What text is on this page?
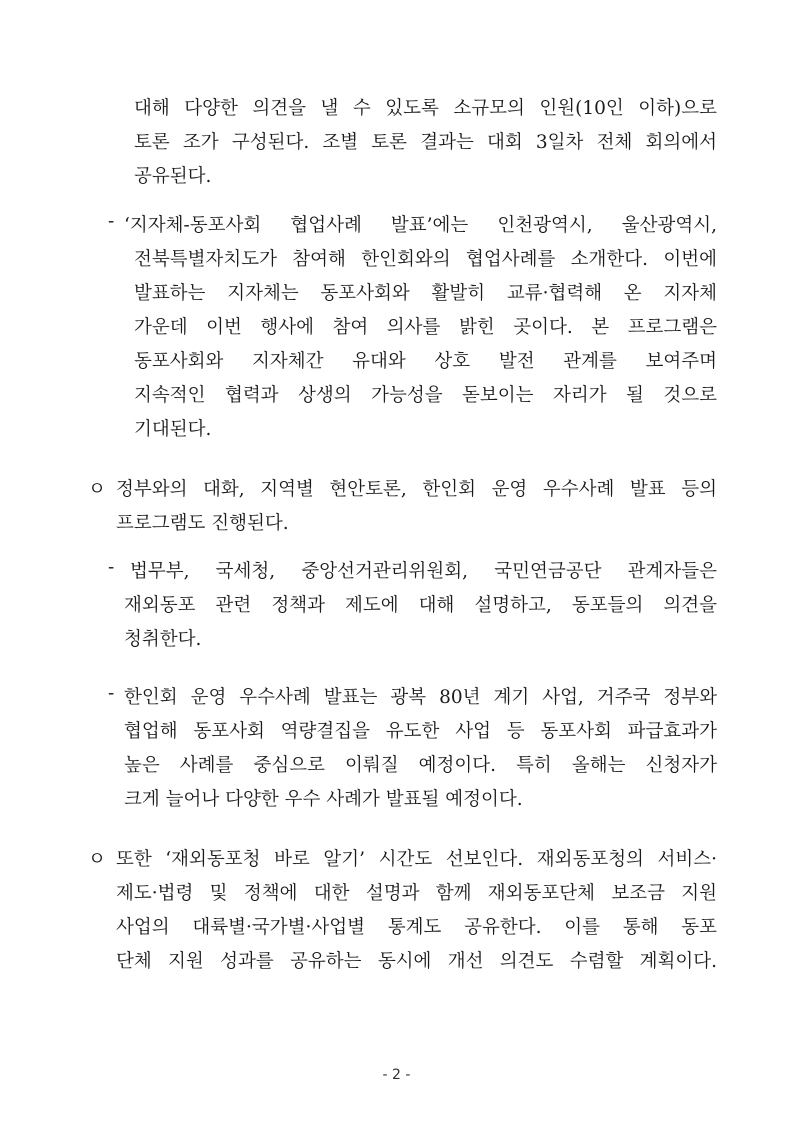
대해 다양한 의견을 낼 수 있도록 소규모의 인원(10인 이하)으로
토론 조가 구성된다. 조별 토론 결과는 대회 3일차 전체 회의에서
공유된다.
- ‘지자체-동포사회 협업사례 발표’에는 인천광역시, 울산광역시,
전북특별자치도가 참여해 한인회와의 협업사례를 소개한다. 이번에
발표하는 지자체는 동포사회와 활발히 교류·협력해 온 지자체
가운데 이번 행사에 참여 의사를 밝힌 곳이다. 본 프로그램은
동포사회와 지자체간 유대와 상호 발전 관계를 보여주며
지속적인 협력과 상생의 가능성을 돋보이는 자리가 될 것으로
기대된다.
ㅇ 정부와의 대화, 지역별 현안토론, 한인회 운영 우수사례 발표 등의
프로그램도 진행된다.
- 법무부, 국세청, 중앙선거관리위원회, 국민연금공단 관계자들은
재외동포 관련 정책과 제도에 대해 설명하고, 동포들의 의견을
청취한다.
- 한인회 운영 우수사례 발표는 광복 80년 계기 사업, 거주국 정부와
협업해 동포사회 역량결집을 유도한 사업 등 동포사회 파급효과가
높은 사례를 중심으로 이뤄질 예정이다. 특히 올해는 신청자가
크게 늘어나 다양한 우수 사례가 발표될 예정이다.
ㅇ 또한 ‘재외동포청 바로 알기’ 시간도 선보인다. 재외동포청의 서비스·
제도·법령 및 정책에 대한 설명과 함께 재외동포단체 보조금 지원
사업의 대륙별·국가별·사업별 통계도 공유한다. 이를 통해 동포
단체 지원 성과를 공유하는 동시에 개선 의견도 수렴할 계획이다.
- 2 -
